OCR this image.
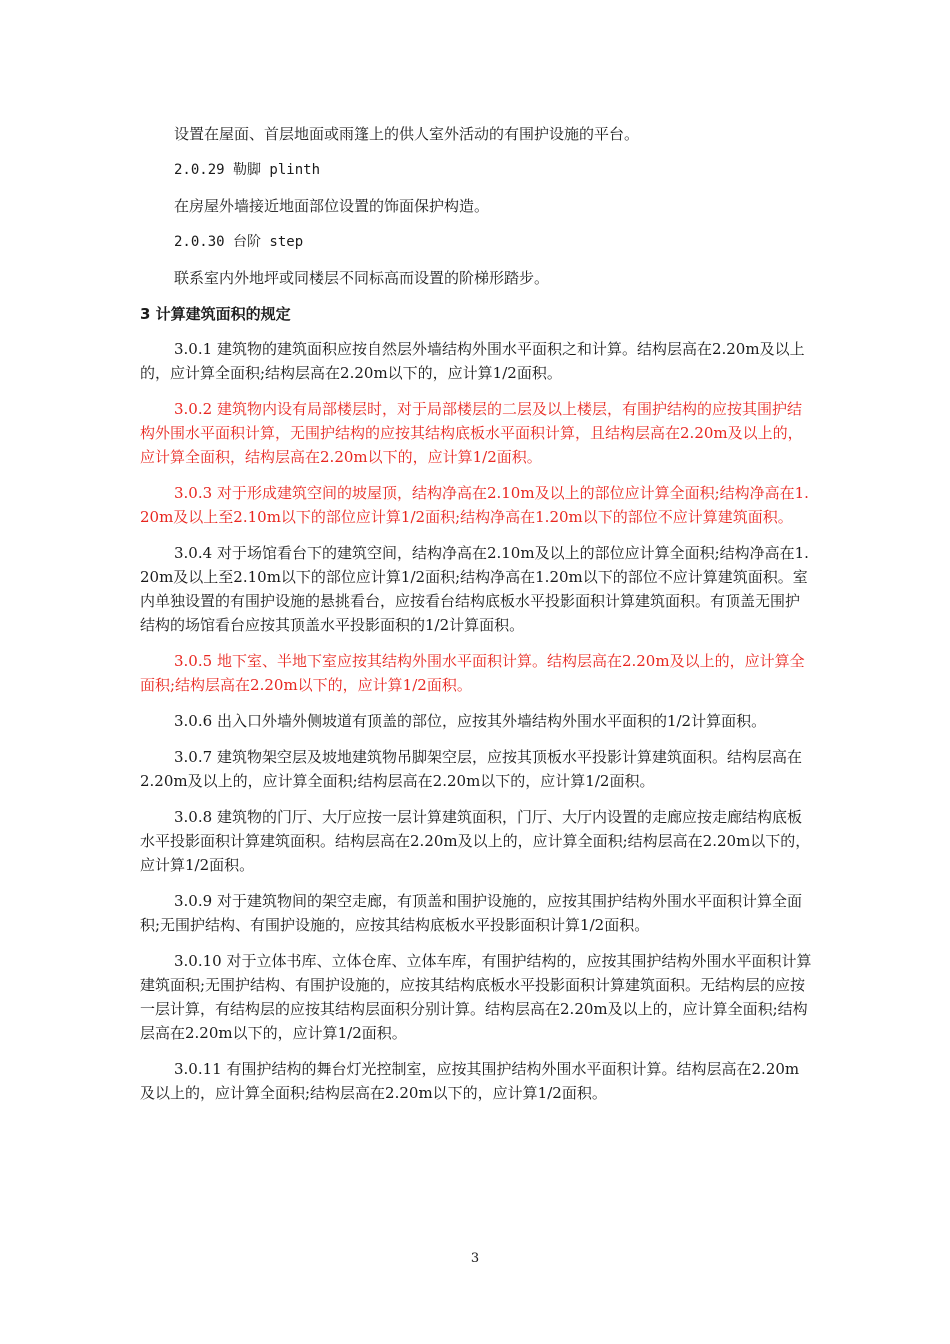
设置在屋面、首层地面或雨篷上的供人室外活动的有围护设施的平台。

2.0.29 勒脚 plinth

在房屋外墙接近地面部位设置的饰面保护构造。

2.0.30 台阶 step

联系室内外地坪或同楼层不同标高而设置的阶梯形踏步。

3 计算建筑面积的规定

3.0.1 建筑物的建筑面积应按自然层外墙结构外围水平面积之和计算。结构层高在2.20m及以上的，应计算全面积;结构层高在2.20m以下的，应计算1/2面积。

3.0.2 建筑物内设有局部楼层时，对于局部楼层的二层及以上楼层，有围护结构的应按其围护结构外围水平面积计算，无围护结构的应按其结构底板水平面积计算，且结构层高在2.20m及以上的，应计算全面积，结构层高在2.20m以下的，应计算1/2面积。

3.0.3 对于形成建筑空间的坡屋顶，结构净高在2.10m及以上的部位应计算全面积;结构净高在1.20m及以上至2.10m以下的部位应计算1/2面积;结构净高在1.20m以下的部位不应计算建筑面积。

3.0.4 对于场馆看台下的建筑空间，结构净高在2.10m及以上的部位应计算全面积;结构净高在1.20m及以上至2.10m以下的部位应计算1/2面积;结构净高在1.20m以下的部位不应计算建筑面积。室内单独设置的有围护设施的悬挑看台，应按看台结构底板水平投影面积计算建筑面积。有顶盖无围护结构的场馆看台应按其顶盖水平投影面积的1/2计算面积。

3.0.5 地下室、半地下室应按其结构外围水平面积计算。结构层高在2.20m及以上的，应计算全面积;结构层高在2.20m以下的，应计算1/2面积。

3.0.6 出入口外墙外侧坡道有顶盖的部位，应按其外墙结构外围水平面积的1/2计算面积。

3.0.7 建筑物架空层及坡地建筑物吊脚架空层，应按其顶板水平投影计算建筑面积。结构层高在2.20m及以上的，应计算全面积;结构层高在2.20m以下的，应计算1/2面积。

3.0.8 建筑物的门厅、大厅应按一层计算建筑面积，门厅、大厅内设置的走廊应按走廊结构底板水平投影面积计算建筑面积。结构层高在2.20m及以上的，应计算全面积;结构层高在2.20m以下的，应计算1/2面积。

3.0.9 对于建筑物间的架空走廊，有顶盖和围护设施的，应按其围护结构外围水平面积计算全面积;无围护结构、有围护设施的，应按其结构底板水平投影面积计算1/2面积。

3.0.10 对于立体书库、立体仓库、立体车库，有围护结构的，应按其围护结构外围水平面积计算建筑面积;无围护结构、有围护设施的，应按其结构底板水平投影面积计算建筑面积。无结构层的应按一层计算，有结构层的应按其结构层面积分别计算。结构层高在2.20m及以上的，应计算全面积;结构层高在2.20m以下的，应计算1/2面积。

3.0.11 有围护结构的舞台灯光控制室，应按其围护结构外围水平面积计算。结构层高在2.20m及以上的，应计算全面积;结构层高在2.20m以下的，应计算1/2面积。

3
